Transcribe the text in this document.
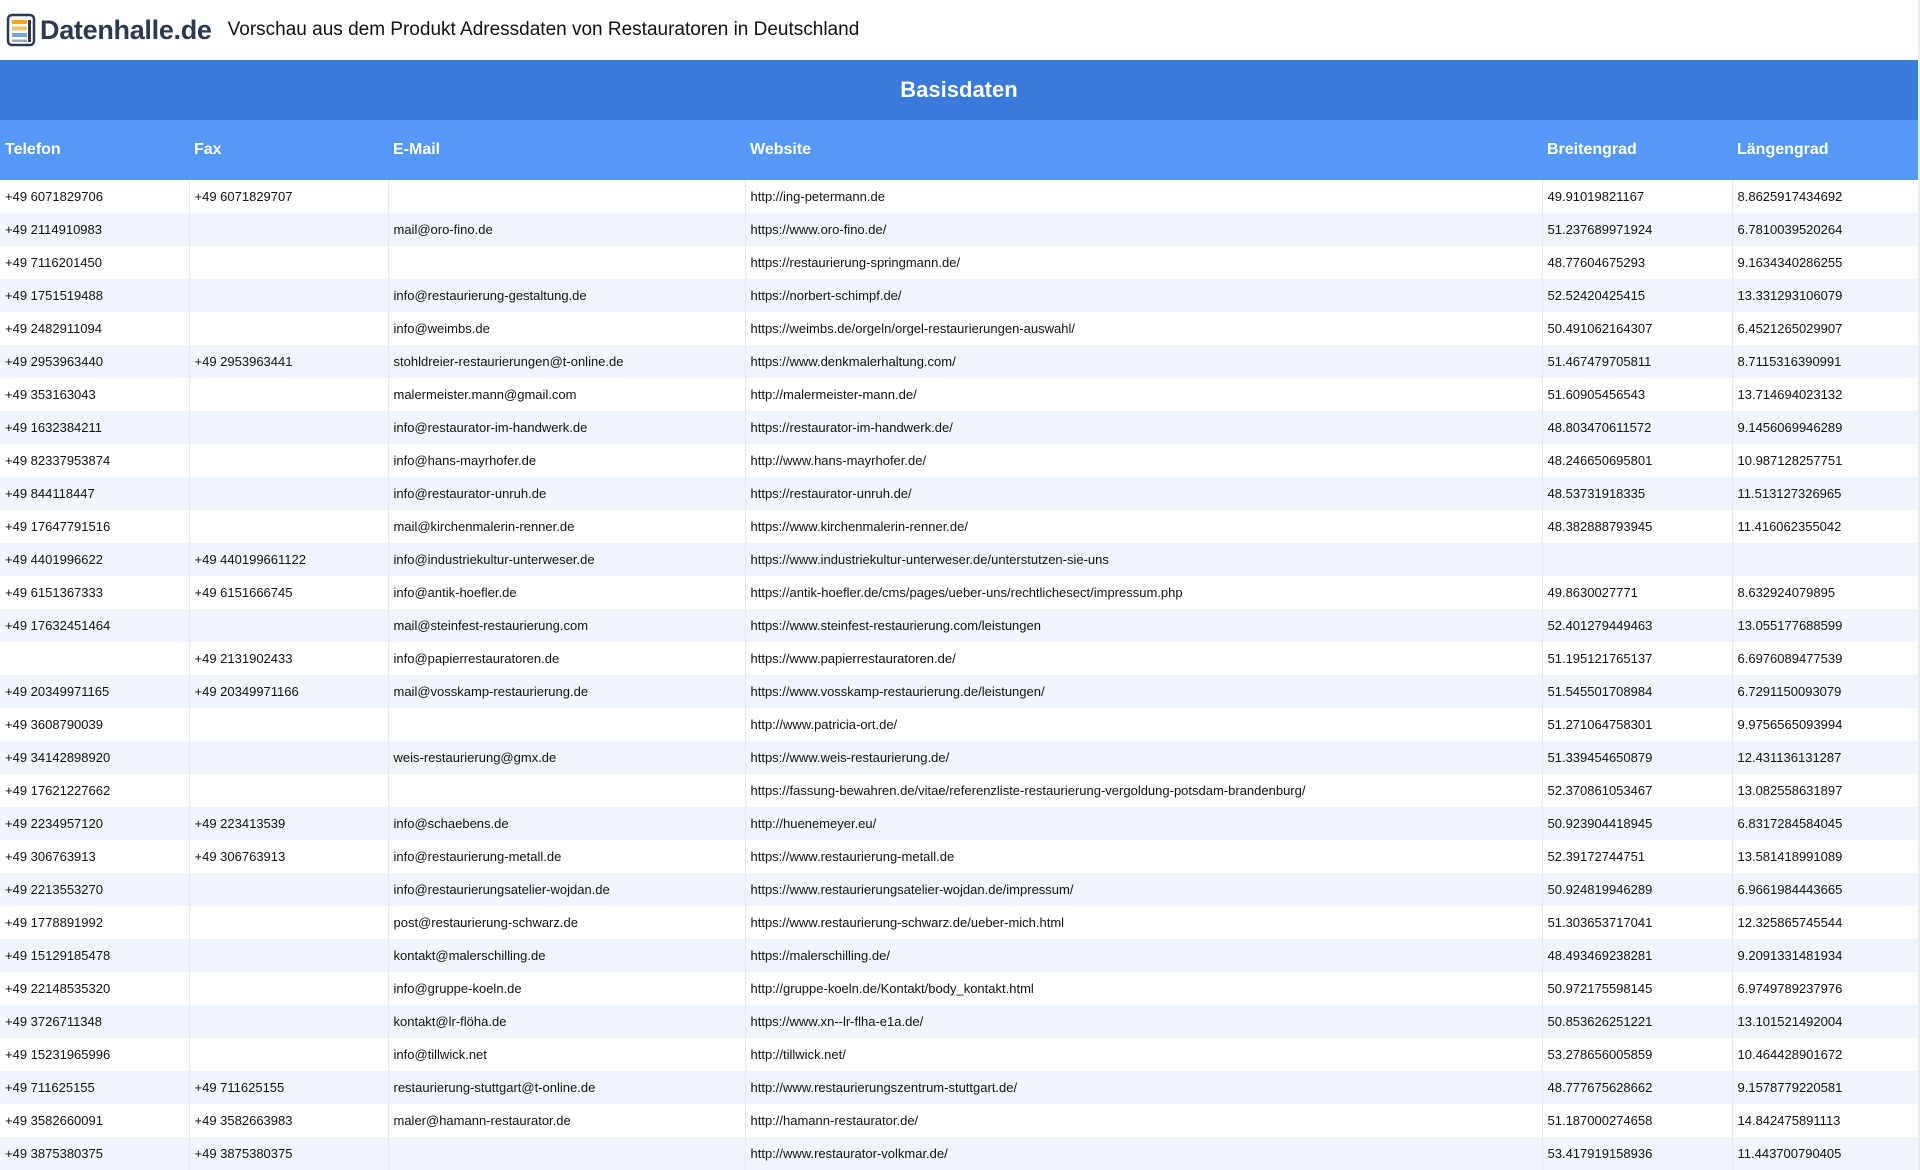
Datenhalle.de Vorschau aus dem Produkt Adressdaten von Restauratoren in Deutschland
Basisdaten
Telefon	Fax	E-Mail	Website	Breitengrad	Längengrad
+49 6071829706	+49 6071829707		http://ing-petermann.de	49.91019821167	8.8625917434692
+49 2114910983		mail@oro-fino.de	https://www.oro-fino.de/	51.237689971924	6.7810039520264
+49 7116201450			https://restaurierung-springmann.de/	48.77604675293	9.1634340286255
+49 1751519488		info@restaurierung-gestaltung.de	https://norbert-schimpf.de/	52.52420425415	13.331293106079
+49 2482911094		info@weimbs.de	https://weimbs.de/orgeln/orgel-restaurierungen-auswahl/	50.491062164307	6.4521265029907
+49 2953963440	+49 2953963441	stohldreier-restaurierungen@t-online.de	https://www.denkmalerhaltung.com/	51.467479705811	8.7115316390991
+49 353163043		malermeister.mann@gmail.com	http://malermeister-mann.de/	51.60905456543	13.714694023132
+49 1632384211		info@restaurator-im-handwerk.de	https://restaurator-im-handwerk.de/	48.803470611572	9.1456069946289
+49 82337953874		info@hans-mayrhofer.de	http://www.hans-mayrhofer.de/	48.246650695801	10.987128257751
+49 844118447		info@restaurator-unruh.de	https://restaurator-unruh.de/	48.53731918335	11.513127326965
+49 17647791516		mail@kirchenmalerin-renner.de	https://www.kirchenmalerin-renner.de/	48.382888793945	11.416062355042
+49 4401996622	+49 440199661122	info@industriekultur-unterweser.de	https://www.industriekultur-unterweser.de/unterstutzen-sie-uns		
+49 6151367333	+49 6151666745	info@antik-hoefler.de	https://antik-hoefler.de/cms/pages/ueber-uns/rechtlichesect/impressum.php	49.8630027771	8.632924079895
+49 17632451464		mail@steinfest-restaurierung.com	https://www.steinfest-restaurierung.com/leistungen	52.401279449463	13.055177688599
	+49 2131902433	info@papierrestauratoren.de	https://www.papierrestauratoren.de/	51.195121765137	6.6976089477539
+49 20349971165	+49 20349971166	mail@vosskamp-restaurierung.de	https://www.vosskamp-restaurierung.de/leistungen/	51.545501708984	6.7291150093079
+49 3608790039			http://www.patricia-ort.de/	51.271064758301	9.9756565093994
+49 34142898920		weis-restaurierung@gmx.de	https://www.weis-restaurierung.de/	51.339454650879	12.431136131287
+49 17621227662			https://fassung-bewahren.de/vitae/referenzliste-restaurierung-vergoldung-potsdam-brandenburg/	52.370861053467	13.082558631897
+49 2234957120	+49 223413539	info@schaebens.de	http://huenemeyer.eu/	50.923904418945	6.8317284584045
+49 306763913	+49 306763913	info@restaurierung-metall.de	https://www.restaurierung-metall.de	52.39172744751	13.581418991089
+49 2213553270		info@restaurierungsatelier-wojdan.de	https://www.restaurierungsatelier-wojdan.de/impressum/	50.924819946289	6.9661984443665
+49 1778891992		post@restaurierung-schwarz.de	https://www.restaurierung-schwarz.de/ueber-mich.html	51.303653717041	12.325865745544
+49 15129185478		kontakt@malerschilling.de	https://malerschilling.de/	48.493469238281	9.2091331481934
+49 22148535320		info@gruppe-koeln.de	http://gruppe-koeln.de/Kontakt/body_kontakt.html	50.972175598145	6.9749789237976
+49 3726711348		kontakt@lr-flöha.de	https://www.xn--lr-flha-e1a.de/	50.853626251221	13.101521492004
+49 15231965996		info@tillwick.net	http://tillwick.net/	53.278656005859	10.464428901672
+49 711625155	+49 711625155	restaurierung-stuttgart@t-online.de	http://www.restaurierungszentrum-stuttgart.de/	48.777675628662	9.1578779220581
+49 3582660091	+49 3582663983	maler@hamann-restaurator.de	http://hamann-restaurator.de/	51.187000274658	14.842475891113
+49 3875380375	+49 3875380375		http://www.restaurator-volkmar.de/	53.417919158936	11.443700790405
